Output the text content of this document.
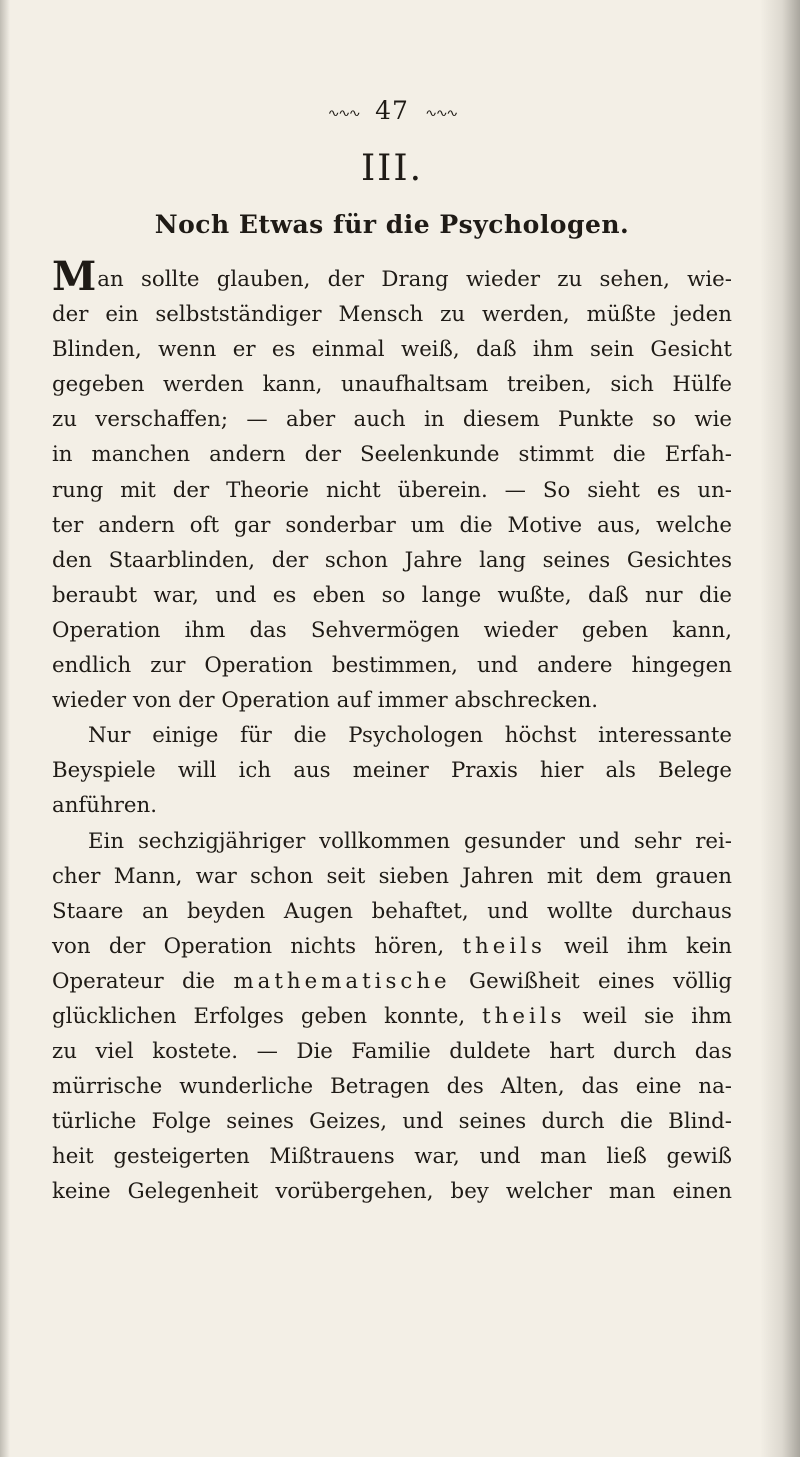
∿∿∿ 47 ∿∿∿
III.
Noch Etwas für die Psychologen.
Man sollte glauben, der Drang wieder zu sehen, wie-
der ein selbstständiger Mensch zu werden, müßte jeden
Blinden, wenn er es einmal weiß, daß ihm sein Gesicht
gegeben werden kann, unaufhaltsam treiben, sich Hülfe
zu verschaffen; — aber auch in diesem Punkte so wie
in manchen andern der Seelenkunde stimmt die Erfah-
rung mit der Theorie nicht überein. — So sieht es un-
ter andern oft gar sonderbar um die Motive aus, welche
den Staarblinden, der schon Jahre lang seines Gesichtes
beraubt war, und es eben so lange wußte, daß nur die
Operation ihm das Sehvermögen wieder geben kann,
endlich zur Operation bestimmen, und andere hingegen
wieder von der Operation auf immer abschrecken.
Nur einige für die Psychologen höchst interessante
Beyspiele will ich aus meiner Praxis hier als Belege
anführen.
Ein sechzigjähriger vollkommen gesunder und sehr rei-
cher Mann, war schon seit sieben Jahren mit dem grauen
Staare an beyden Augen behaftet, und wollte durchaus
von der Operation nichts hören, theils weil ihm kein
Operateur die mathematische Gewißheit eines völlig
glücklichen Erfolges geben konnte, theils weil sie ihm
zu viel kostete. — Die Familie duldete hart durch das
mürrische wunderliche Betragen des Alten, das eine na-
türliche Folge seines Geizes, und seines durch die Blind-
heit gesteigerten Mißtrauens war, und man ließ gewiß
keine Gelegenheit vorübergehen, bey welcher man einen
